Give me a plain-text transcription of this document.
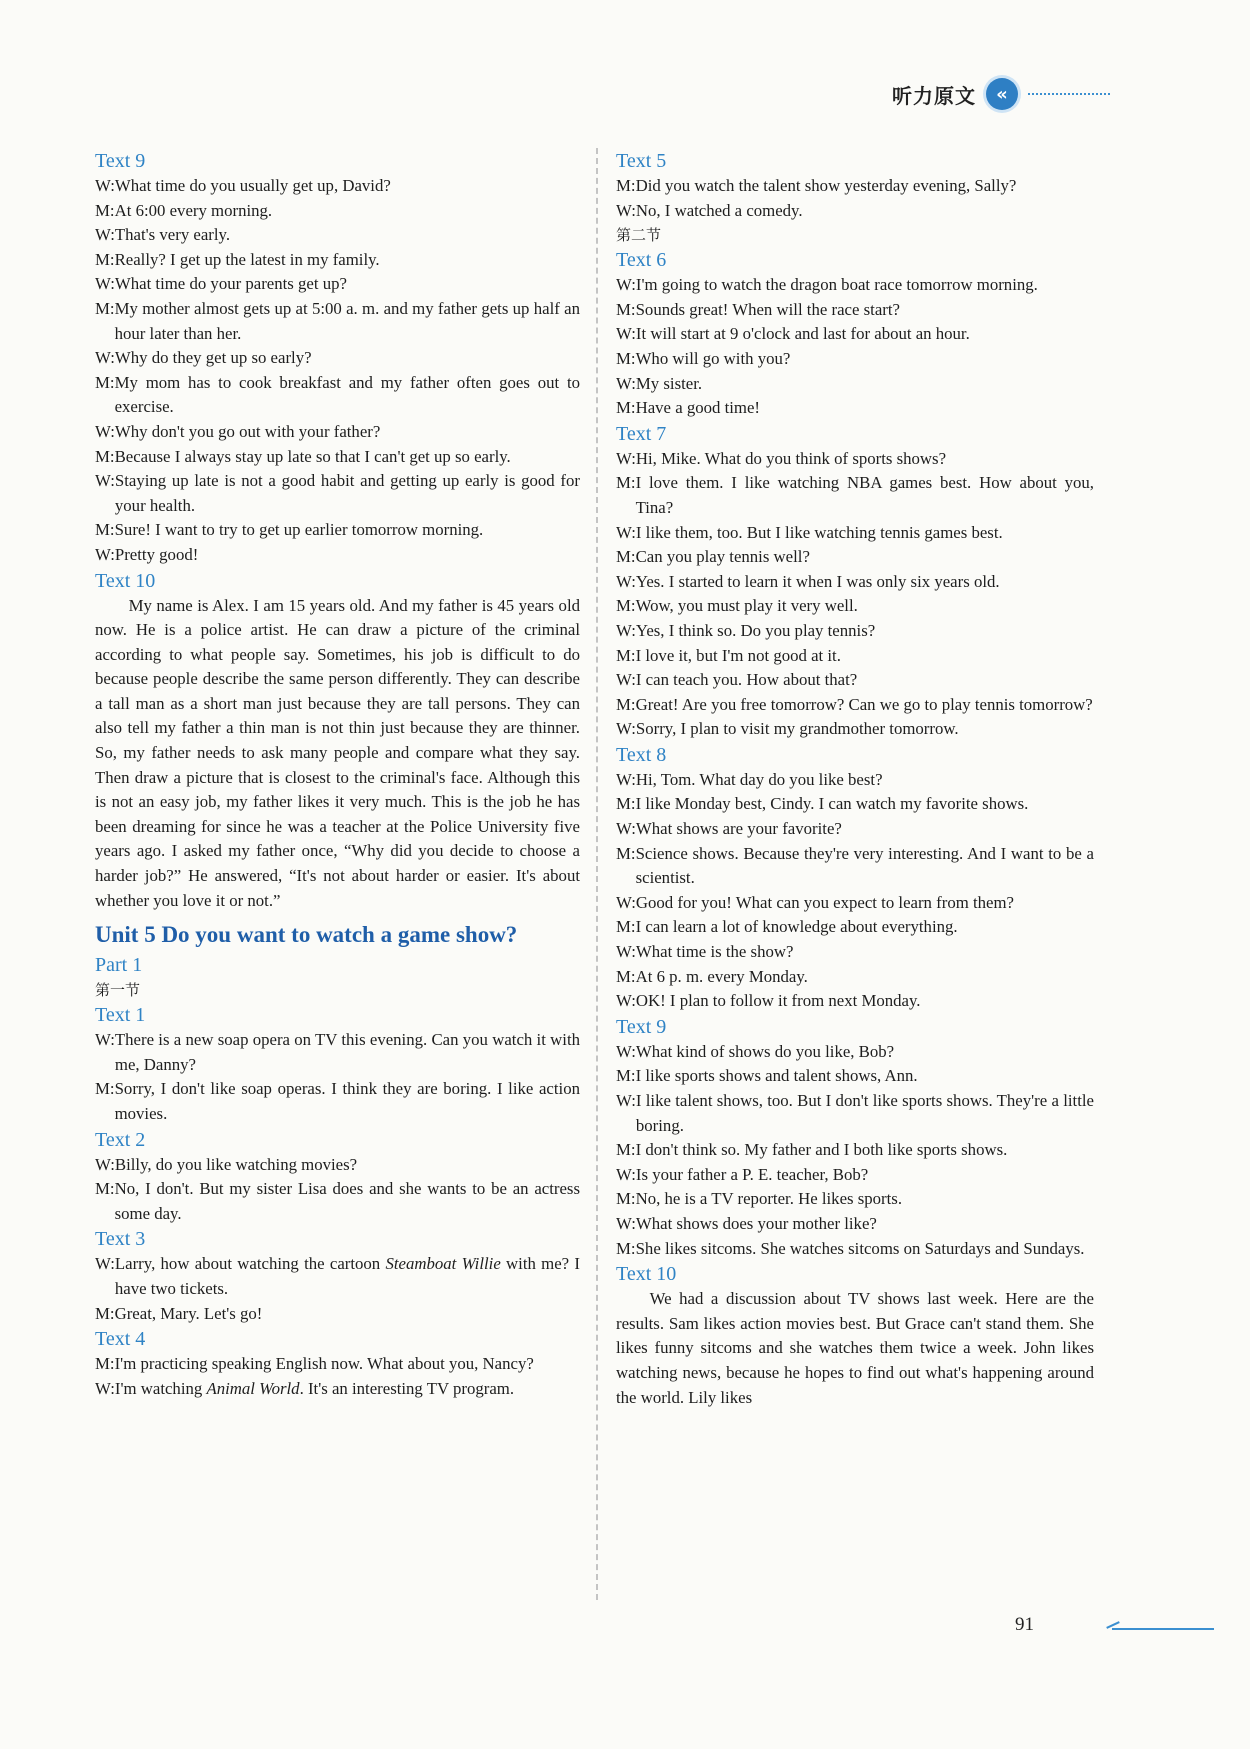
听力原文	«
Text 9
W: What time do you usually get up, David?
M: At 6:00 every morning.
W: That's very early.
M: Really? I get up the latest in my family.
W: What time do your parents get up?
M: My mother almost gets up at 5:00 a. m. and my father gets up half an hour later than her.
W: Why do they get up so early?
M: My mom has to cook breakfast and my father often goes out to exercise.
W: Why don't you go out with your father?
M: Because I always stay up late so that I can't get up so early.
W: Staying up late is not a good habit and getting up early is good for your health.
M: Sure! I want to try to get up earlier tomorrow morning.
W: Pretty good!
Text 10
My name is Alex. I am 15 years old. And my father is 45 years old now. He is a police artist. He can draw a picture of the criminal according to what people say. Sometimes, his job is difficult to do because people describe the same person differently. They can describe a tall man as a short man just because they are tall persons. They can also tell my father a thin man is not thin just because they are thinner. So, my father needs to ask many people and compare what they say. Then draw a picture that is closest to the criminal's face. Although this is not an easy job, my father likes it very much. This is the job he has been dreaming for since he was a teacher at the Police University five years ago. I asked my father once, “Why did you decide to choose a harder job?” He answered, “It's not about harder or easier. It's about whether you love it or not.”
Unit 5 Do you want to watch a game show?
Part 1
第一节
Text 1
W: There is a new soap opera on TV this evening. Can you watch it with me, Danny?
M: Sorry, I don't like soap operas. I think they are boring. I like action movies.
Text 2
W: Billy, do you like watching movies?
M: No, I don't. But my sister Lisa does and she wants to be an actress some day.
Text 3
W: Larry, how about watching the cartoon Steamboat Willie with me? I have two tickets.
M: Great, Mary. Let's go!
Text 4
M: I'm practicing speaking English now. What about you, Nancy?
W: I'm watching Animal World. It's an interesting TV program.
Text 5
M: Did you watch the talent show yesterday evening, Sally?
W: No, I watched a comedy.
第二节
Text 6
W: I'm going to watch the dragon boat race tomorrow morning.
M: Sounds great! When will the race start?
W: It will start at 9 o'clock and last for about an hour.
M: Who will go with you?
W: My sister.
M: Have a good time!
Text 7
W: Hi, Mike. What do you think of sports shows?
M: I love them. I like watching NBA games best. How about you, Tina?
W: I like them, too. But I like watching tennis games best.
M: Can you play tennis well?
W: Yes. I started to learn it when I was only six years old.
M: Wow, you must play it very well.
W: Yes, I think so. Do you play tennis?
M: I love it, but I'm not good at it.
W: I can teach you. How about that?
M: Great! Are you free tomorrow? Can we go to play tennis tomorrow?
W: Sorry, I plan to visit my grandmother tomorrow.
Text 8
W: Hi, Tom. What day do you like best?
M: I like Monday best, Cindy. I can watch my favorite shows.
W: What shows are your favorite?
M: Science shows. Because they're very interesting. And I want to be a scientist.
W: Good for you! What can you expect to learn from them?
M: I can learn a lot of knowledge about everything.
W: What time is the show?
M: At 6 p. m. every Monday.
W: OK! I plan to follow it from next Monday.
Text 9
W: What kind of shows do you like, Bob?
M: I like sports shows and talent shows, Ann.
W: I like talent shows, too. But I don't like sports shows. They're a little boring.
M: I don't think so. My father and I both like sports shows.
W: Is your father a P. E. teacher, Bob?
M: No, he is a TV reporter. He likes sports.
W: What shows does your mother like?
M: She likes sitcoms. She watches sitcoms on Saturdays and Sundays.
Text 10
We had a discussion about TV shows last week. Here are the results. Sam likes action movies best. But Grace can't stand them. She likes funny sitcoms and she watches them twice a week. John likes watching news, because he hopes to find out what's happening around the world. Lily likes
91
